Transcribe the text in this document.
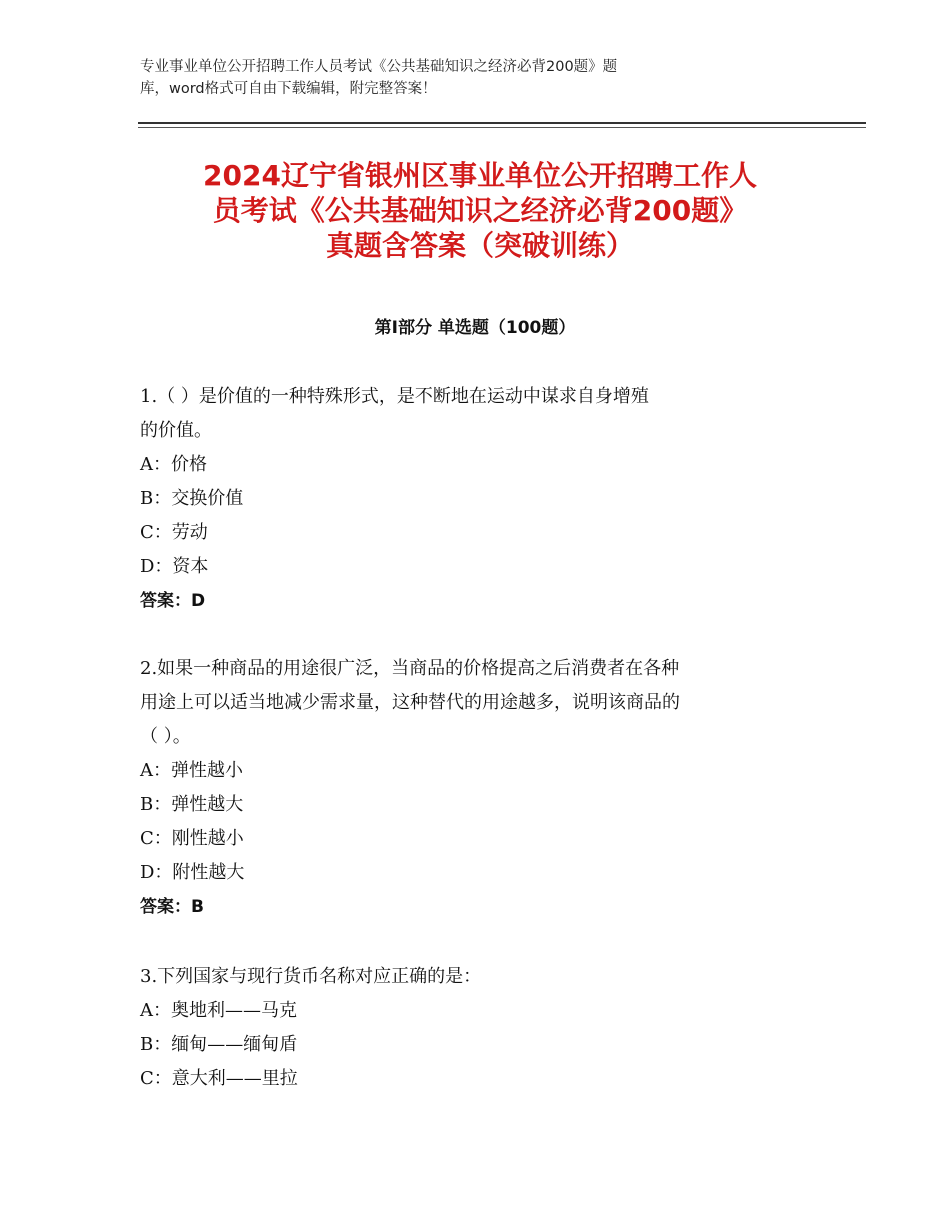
专业事业单位公开招聘工作人员考试《公共基础知识之经济必背200题》题
库，word格式可自由下载编辑，附完整答案！
2024辽宁省银州区事业单位公开招聘工作人
员考试《公共基础知识之经济必背200题》
真题含答案（突破训练）
第Ⅰ部分 单选题（100题）
1.（ ）是价值的一种特殊形式，是不断地在运动中谋求自身增殖
的价值。
A：价格
B：交换价值
C：劳动
D：资本
答案：D
2.如果一种商品的用途很广泛，当商品的价格提高之后消费者在各种
用途上可以适当地减少需求量，这种替代的用途越多，说明该商品的
（ ）。
A：弹性越小
B：弹性越大
C：刚性越小
D：附性越大
答案：B
3.下列国家与现行货币名称对应正确的是：
A：奥地利——马克
B：缅甸——缅甸盾
C：意大利——里拉
